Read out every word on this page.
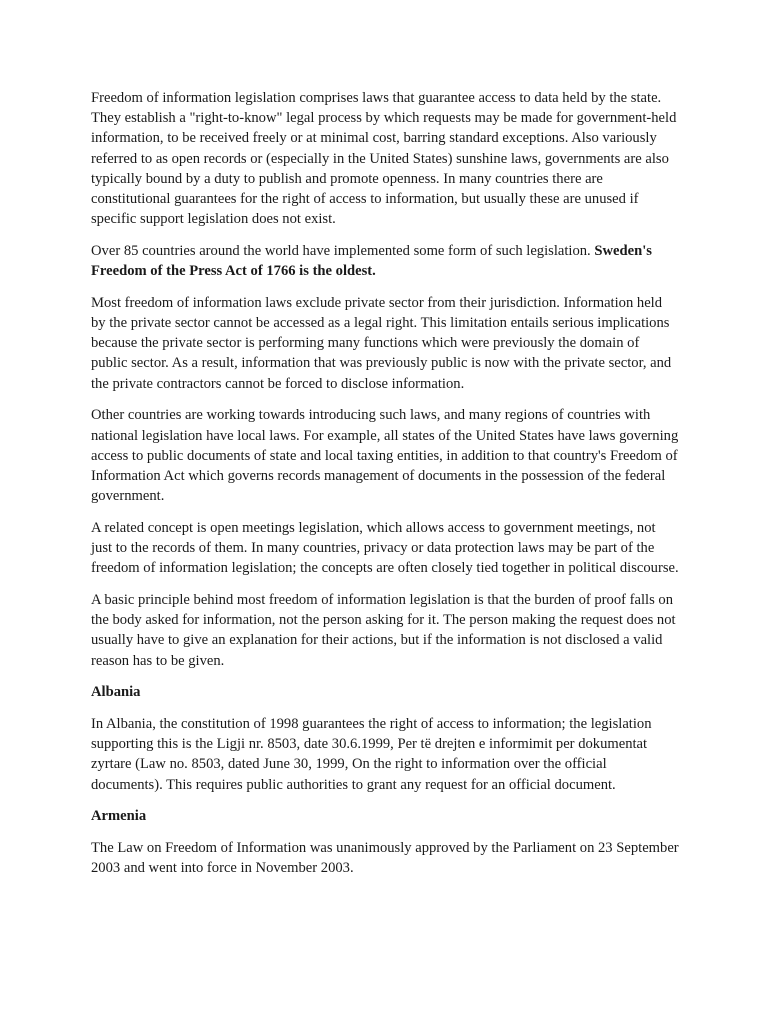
Freedom of information legislation comprises laws that guarantee access to data held by the state. They establish a "right-to-know" legal process by which requests may be made for government-held information, to be received freely or at minimal cost, barring standard exceptions. Also variously referred to as open records or (especially in the United States) sunshine laws, governments are also typically bound by a duty to publish and promote openness. In many countries there are constitutional guarantees for the right of access to information, but usually these are unused if specific support legislation does not exist.

Over 85 countries around the world have implemented some form of such legislation. Sweden's Freedom of the Press Act of 1766 is the oldest.

Most freedom of information laws exclude private sector from their jurisdiction. Information held by the private sector cannot be accessed as a legal right. This limitation entails serious implications because the private sector is performing many functions which were previously the domain of public sector. As a result, information that was previously public is now with the private sector, and the private contractors cannot be forced to disclose information.

Other countries are working towards introducing such laws, and many regions of countries with national legislation have local laws. For example, all states of the United States have laws governing access to public documents of state and local taxing entities, in addition to that country's Freedom of Information Act which governs records management of documents in the possession of the federal government.

A related concept is open meetings legislation, which allows access to government meetings, not just to the records of them. In many countries, privacy or data protection laws may be part of the freedom of information legislation; the concepts are often closely tied together in political discourse.

A basic principle behind most freedom of information legislation is that the burden of proof falls on the body asked for information, not the person asking for it. The person making the request does not usually have to give an explanation for their actions, but if the information is not disclosed a valid reason has to be given.

Albania

In Albania, the constitution of 1998 guarantees the right of access to information; the legislation supporting this is the Ligji nr. 8503, date 30.6.1999, Per të drejten e informimit per dokumentat zyrtare (Law no. 8503, dated June 30, 1999, On the right to information over the official documents). This requires public authorities to grant any request for an official document.

Armenia

The Law on Freedom of Information was unanimously approved by the Parliament on 23 September 2003 and went into force in November 2003.
